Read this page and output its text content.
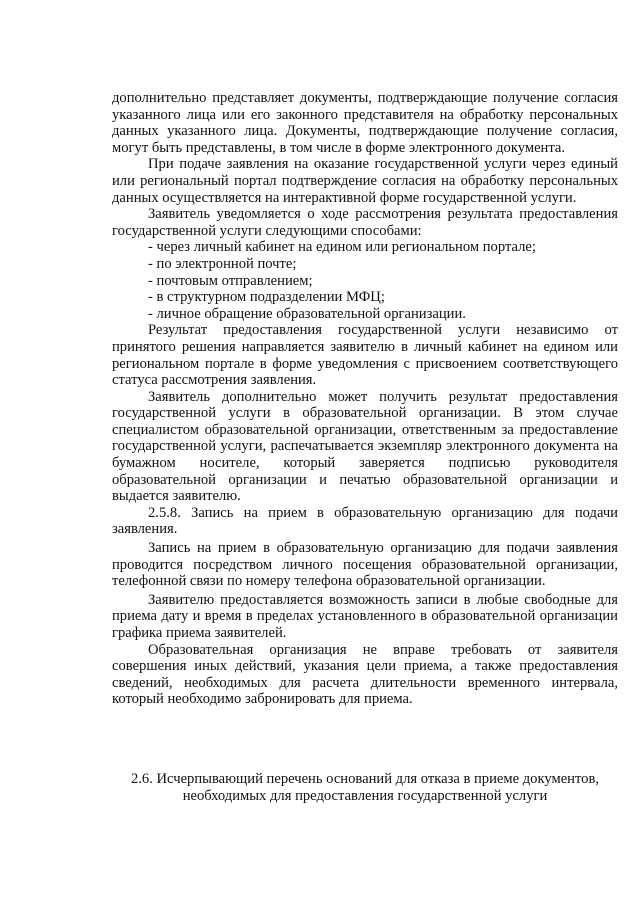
дополнительно представляет документы, подтверждающие получение согласия указанного лица или его законного представителя на обработку персональных данных указанного лица. Документы, подтверждающие получение согласия, могут быть представлены, в том числе в форме электронного документа.

При подаче заявления на оказание государственной услуги через единый или региональный портал подтверждение согласия на обработку персональных данных осуществляется на интерактивной форме государственной услуги.

Заявитель уведомляется о ходе рассмотрения результата предоставления государственной услуги следующими способами:

- через личный кабинет на едином или региональном портале;
- по электронной почте;
- почтовым отправлением;
- в структурном подразделении МФЦ;
- личное обращение образовательной организации.

Результат предоставления государственной услуги независимо от принятого решения направляется заявителю в личный кабинет на едином или региональном портале в форме уведомления с присвоением соответствующего статуса рассмотрения заявления.

Заявитель дополнительно может получить результат предоставления государственной услуги в образовательной организации. В этом случае специалистом образовательной организации, ответственным за предоставление государственной услуги, распечатывается экземпляр электронного документа на бумажном носителе, который заверяется подписью руководителя образовательной организации и печатью образовательной организации и выдается заявителю.

2.5.8. Запись на прием в образовательную организацию для подачи заявления.

Запись на прием в образовательную организацию для подачи заявления проводится посредством личного посещения образовательной организации, телефонной связи по номеру телефона образовательной организации.

Заявителю предоставляется возможность записи в любые свободные для приема дату и время в пределах установленного в образовательной организации графика приема заявителей.

Образовательная организация не вправе требовать от заявителя совершения иных действий, указания цели приема, а также предоставления сведений, необходимых для расчета длительности временного интервала, который необходимо забронировать для приема.

2.6. Исчерпывающий перечень оснований для отказа в приеме документов,
необходимых для предоставления государственной услуги
